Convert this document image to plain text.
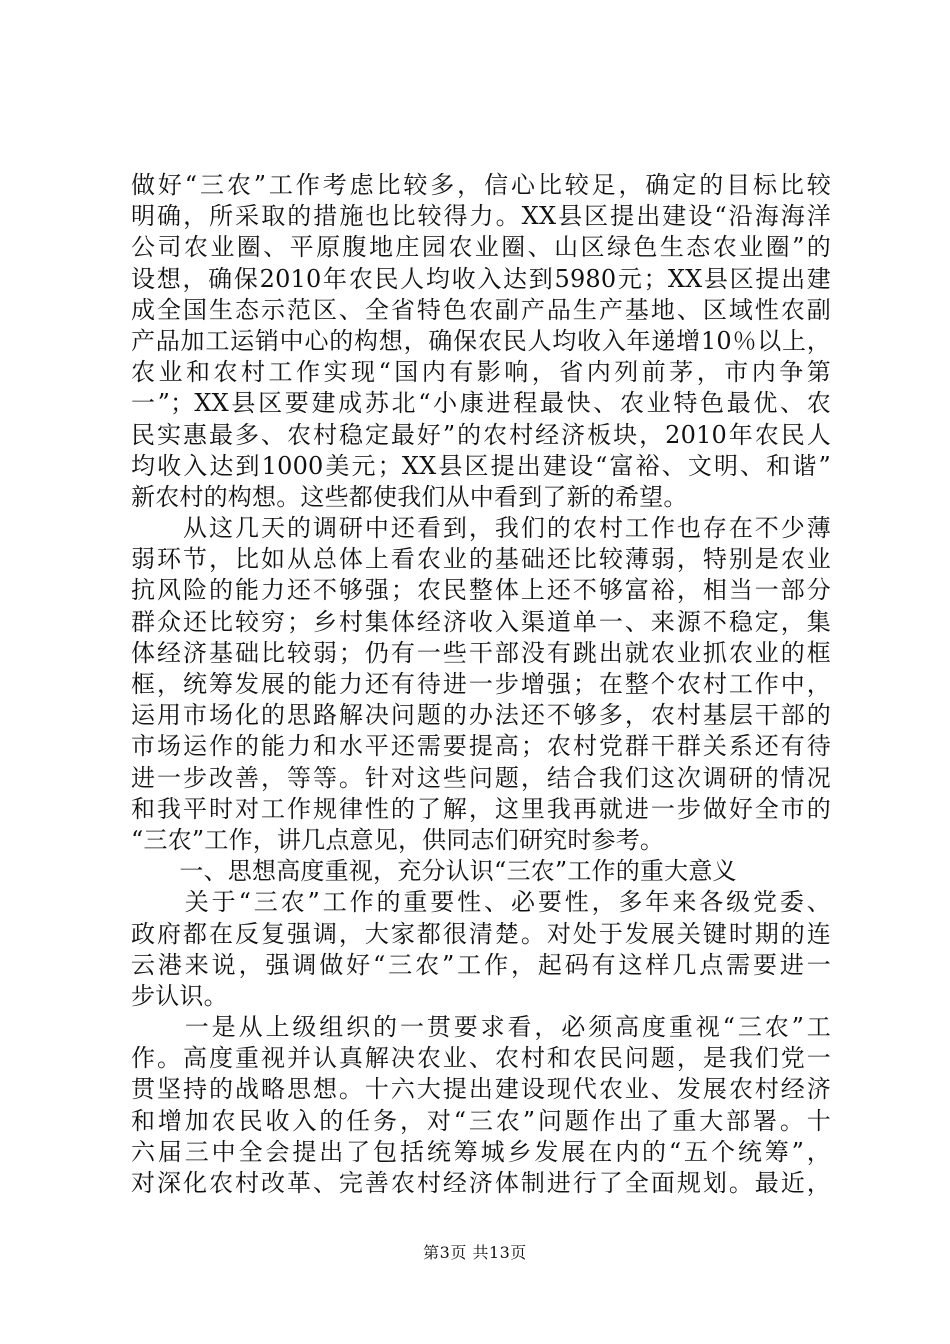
做好“三农”工作考虑比较多，信心比较足，确定的目标比较
明确，所采取的措施也比较得力。XX县区提出建设“沿海海洋
公司农业圈、平原腹地庄园农业圈、山区绿色生态农业圈”的
设想，确保2010年农民人均收入达到5980元；XX县区提出建
成全国生态示范区、全省特色农副产品生产基地、区域性农副
产品加工运销中心的构想，确保农民人均收入年递增10％以上，
农业和农村工作实现“国内有影响，省内列前茅，市内争第
一”；XX县区要建成苏北“小康进程最快、农业特色最优、农
民实惠最多、农村稳定最好”的农村经济板块，2010年农民人
均收入达到1000美元；XX县区提出建设“富裕、文明、和谐”
新农村的构想。这些都使我们从中看到了新的希望。
　　从这几天的调研中还看到，我们的农村工作也存在不少薄
弱环节，比如从总体上看农业的基础还比较薄弱，特别是农业
抗风险的能力还不够强；农民整体上还不够富裕，相当一部分
群众还比较穷；乡村集体经济收入渠道单一、来源不稳定，集
体经济基础比较弱；仍有一些干部没有跳出就农业抓农业的框
框，统筹发展的能力还有待进一步增强；在整个农村工作中，
运用市场化的思路解决问题的办法还不够多，农村基层干部的
市场运作的能力和水平还需要提高；农村党群干群关系还有待
进一步改善，等等。针对这些问题，结合我们这次调研的情况
和我平时对工作规律性的了解，这里我再就进一步做好全市的
“三农”工作，讲几点意见，供同志们研究时参考。
　　一、思想高度重视，充分认识“三农”工作的重大意义
　　关于“三农”工作的重要性、必要性，多年来各级党委、
政府都在反复强调，大家都很清楚。对处于发展关键时期的连
云港来说，强调做好“三农”工作，起码有这样几点需要进一
步认识。
　　一是从上级组织的一贯要求看，必须高度重视“三农”工
作。高度重视并认真解决农业、农村和农民问题，是我们党一
贯坚持的战略思想。十六大提出建设现代农业、发展农村经济
和增加农民收入的任务，对“三农”问题作出了重大部署。十
六届三中全会提出了包括统筹城乡发展在内的“五个统筹”，
对深化农村改革、完善农村经济体制进行了全面规划。最近，
第3页 共13页
